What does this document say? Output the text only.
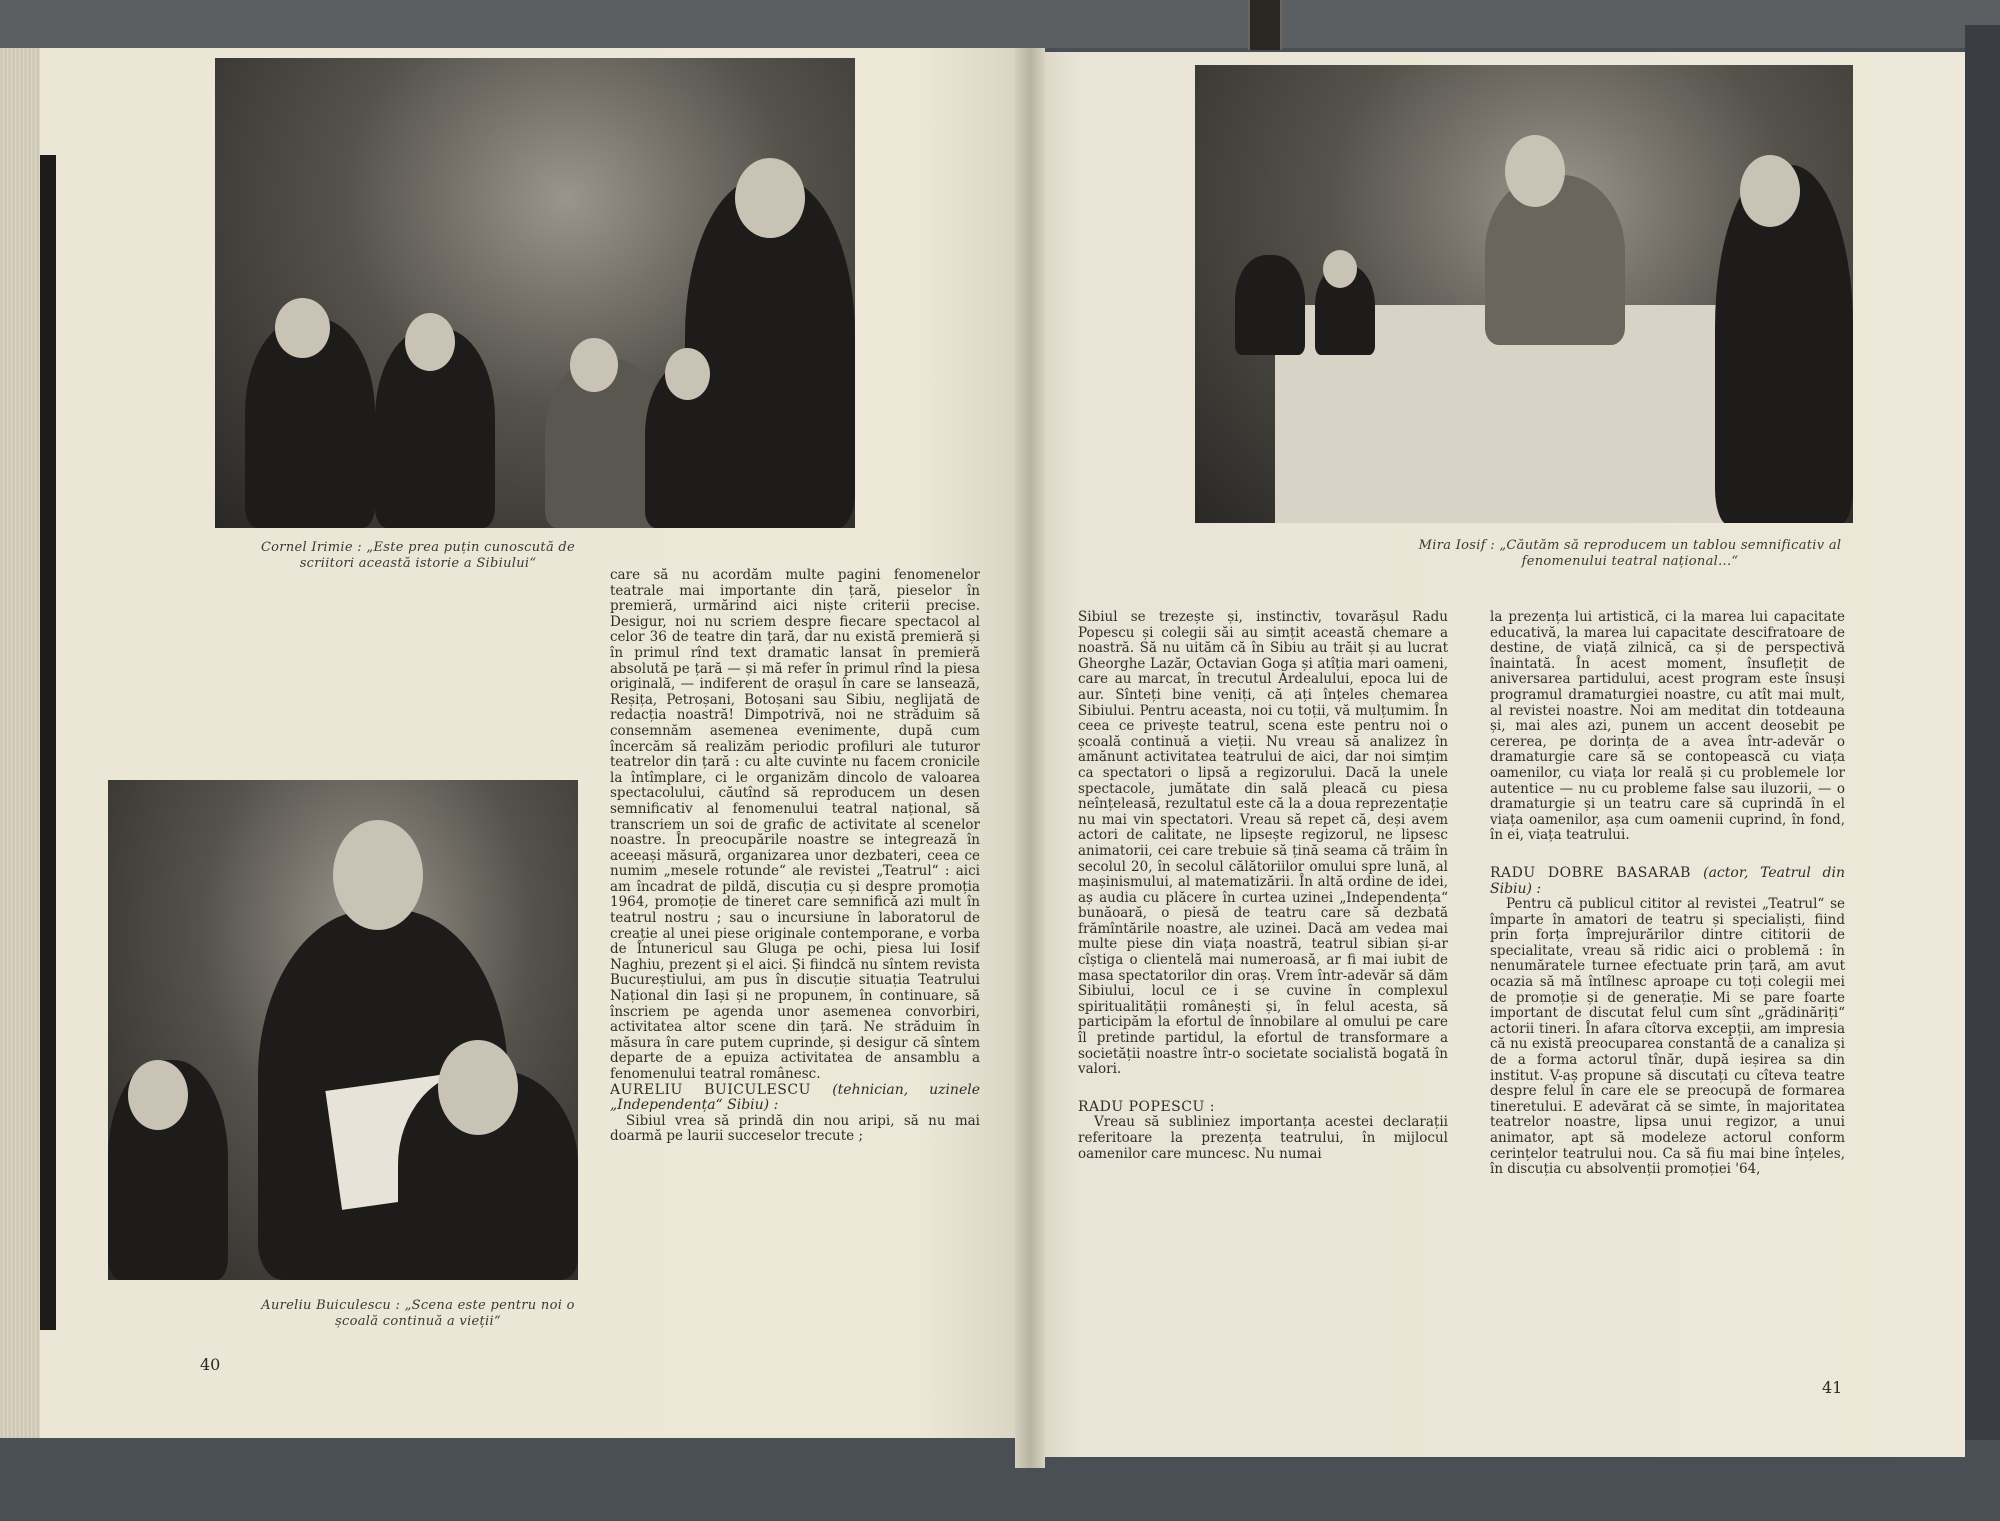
Cornel Irimie : „Este prea puțin cunoscută de scriitori această istorie a Sibiului“
Aureliu Buiculescu : „Scena este pentru noi o școală continuă a vieții“

care să nu acordăm multe pagini fenomenelor teatrale mai importante din țară, pieselor în premieră, urmărind aici niște criterii precise. Desigur, noi nu scriem despre fiecare spectacol al celor 36 de teatre din țară, dar nu există premieră și în primul rînd text dramatic lansat în premieră absolută pe țară — și mă refer în primul rînd la piesa originală, — indiferent de orașul în care se lansează, Reșița, Petroșani, Botoșani sau Sibiu, neglijată de redacția noastră! Dimpotrivă, noi ne străduim să consemnăm asemenea evenimente, după cum încercăm să realizăm periodic profiluri ale tuturor teatrelor din țară : cu alte cuvinte nu facem cronicile la întîmplare, ci le organizăm dincolo de valoarea spectacolului, căutînd să reproducem un desen semnificativ al fenomenului teatral național, să transcriem un soi de grafic de activitate al scenelor noastre. În preocupările noastre se integrează în aceeași măsură, organizarea unor dezbateri, ceea ce numim „mesele rotunde“ ale revistei „Teatrul“ : aici am încadrat de pildă, discuția cu și despre promoția 1964, promoție de tineret care semnifică azi mult în teatrul nostru ; sau o incursiune în laboratorul de creație al unei piese originale contemporane, e vorba de Întunericul sau Gluga pe ochi, piesa lui Iosif Naghiu, prezent și el aici. Și fiindcă nu sîntem revista Bucureștiului, am pus în discuție situația Teatrului Național din Iași și ne propunem, în continuare, să înscriem pe agenda unor asemenea convorbiri, activitatea altor scene din țară. Ne străduim în măsura în care putem cuprinde, și desigur că sîntem departe de a epuiza activitatea de ansamblu a fenomenului teatral românesc.

AURELIU BUICULESCU (tehnician, uzinele „Independența“ Sibiu) :

Sibiul vrea să prindă din nou aripi, să nu mai doarmă pe laurii succeselor trecute ;

40
Mira Iosif : „Căutăm să reproducem un tablou semnificativ al fenomenului teatral național...“

Sibiul se trezește și, instinctiv, tovarășul Radu Popescu și colegii săi au simțit această chemare a noastră. Să nu uităm că în Sibiu au trăit și au lucrat Gheorghe Lazăr, Octavian Goga și atîția mari oameni, care au marcat, în trecutul Ardealului, epoca lui de aur. Sînteți bine veniți, că ați înțeles chemarea Sibiului. Pentru aceasta, noi cu toții, vă mulțumim. În ceea ce privește teatrul, scena este pentru noi o școală continuă a vieții. Nu vreau să analizez în amănunt activitatea teatrului de aici, dar noi simțim ca spectatori o lipsă a regizorului. Dacă la unele spectacole, jumătate din sală pleacă cu piesa neînțeleasă, rezultatul este că la a doua reprezentație nu mai vin spectatori. Vreau să repet că, deși avem actori de calitate, ne lipsește regizorul, ne lipsesc animatorii, cei care trebuie să țină seama că trăim în secolul 20, în secolul călătoriilor omului spre lună, al mașinismului, al matematizării. În altă ordine de idei, aș audia cu plăcere în curtea uzinei „Independența“ bunăoară, o piesă de teatru care să dezbată frămîntările noastre, ale uzinei. Dacă am vedea mai multe piese din viața noastră, teatrul sibian și-ar cîștiga o clientelă mai numeroasă, ar fi mai iubit de masa spectatorilor din oraș. Vrem într-adevăr să dăm Sibiului, locul ce i se cuvine în complexul spiritualității românești și, în felul acesta, să participăm la efortul de înnobilare al omului pe care îl pretinde partidul, la efortul de transformare a societății noastre într-o societate socialistă bogată în valori.

RADU POPESCU :

Vreau să subliniez importanța acestei declarații referitoare la prezența teatrului, în mijlocul oamenilor care muncesc. Nu numai

la prezența lui artistică, ci la marea lui capacitate educativă, la marea lui capacitate descifratoare de destine, de viață zilnică, ca și de perspectivă înaintată. În acest moment, însuflețit de aniversarea partidului, acest program este însuși programul dramaturgiei noastre, cu atît mai mult, al revistei noastre. Noi am meditat din totdeauna și, mai ales azi, punem un accent deosebit pe cererea, pe dorința de a avea într-adevăr o dramaturgie care să se contopească cu viața oamenilor, cu viața lor reală și cu problemele lor autentice — nu cu probleme false sau iluzorii, — o dramaturgie și un teatru care să cuprindă în el viața oamenilor, așa cum oamenii cuprind, în fond, în ei, viața teatrului.

RADU DOBRE BASARAB (actor, Teatrul din Sibiu) :

Pentru că publicul cititor al revistei „Teatrul“ se împarte în amatori de teatru și specialiști, fiind prin forța împrejurărilor dintre cititorii de specialitate, vreau să ridic aici o problemă : în nenumăratele turnee efectuate prin țară, am avut ocazia să mă întîlnesc aproape cu toți colegii mei de promoție și de generație. Mi se pare foarte important de discutat felul cum sînt „grădinăriți“ actorii tineri. În afara cîtorva excepții, am impresia că nu există preocuparea constantă de a canaliza și de a forma actorul tînăr, după ieșirea sa din institut. V-aș propune să discutați cu cîteva teatre despre felul în care ele se preocupă de formarea tineretului. E adevărat că se simte, în majoritatea teatrelor noastre, lipsa unui regizor, a unui animator, apt să modeleze actorul conform cerințelor teatrului nou. Ca să fiu mai bine înțeles, în discuția cu absolvenții promoției '64,

41
